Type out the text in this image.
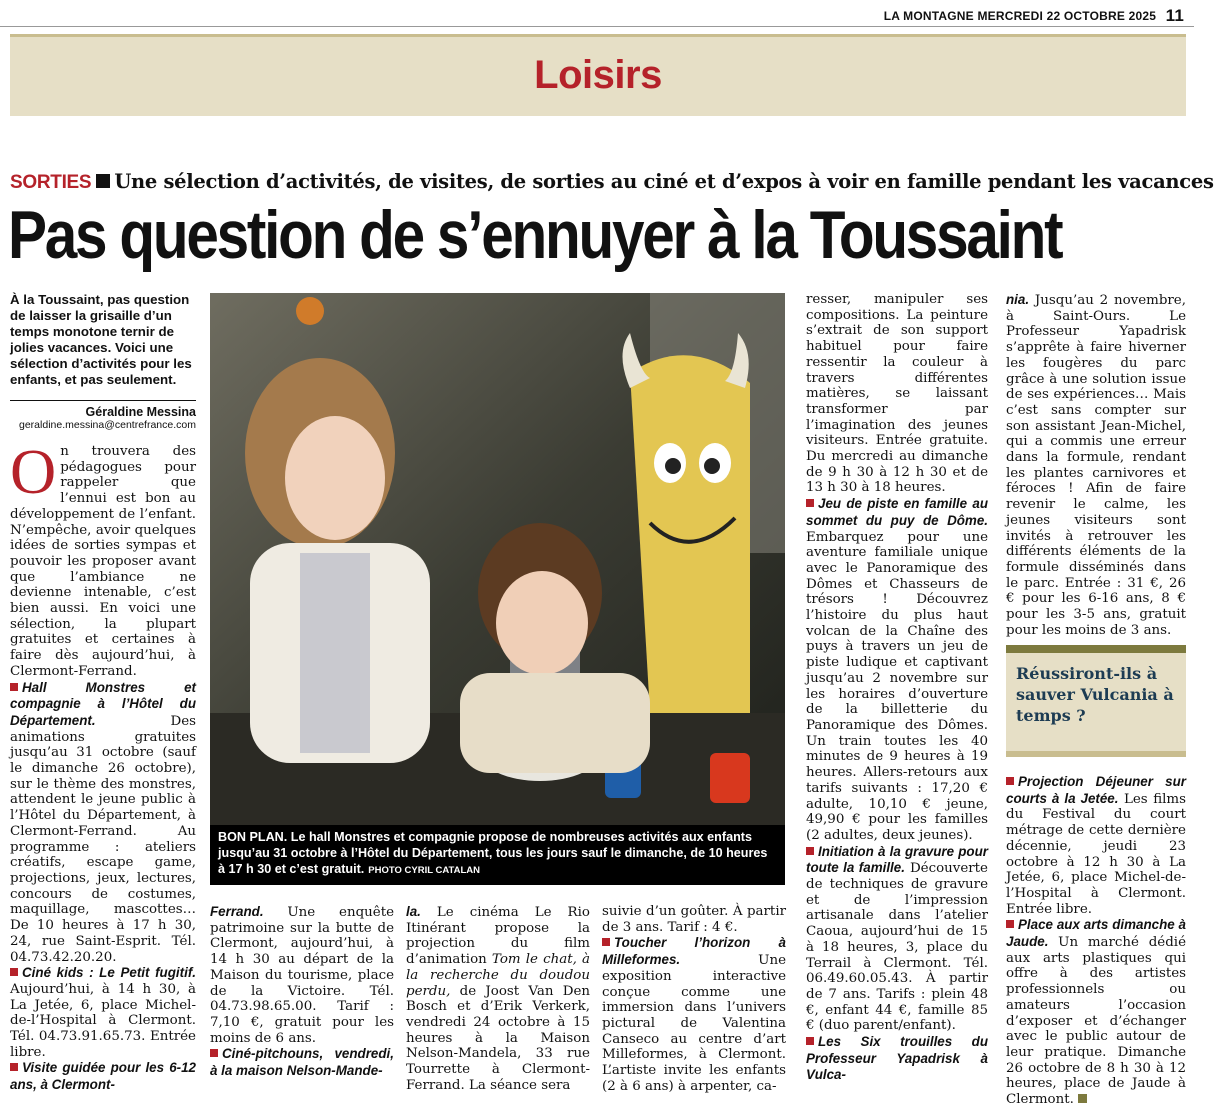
LA MONTAGNE MERCREDI 22 OCTOBRE 2025 11
Loisirs
SORTIES Une sélection d’activités, de visites, de sorties au ciné et d’expos à voir en famille pendant les vacances
Pas question de s’ennuyer à la Toussaint
À la Toussaint, pas question de laisser la grisaille d’un temps monotone ternir de jolies vacances. Voici une sélection d’activités pour les enfants, et pas seulement.
Géraldine Messina
geraldine.messina@centrefrance.com

On trouvera des pédagogues pour rappeler que l’ennui est bon au développement de l’enfant. N’empêche, avoir quelques idées de sorties sympas et pouvoir les proposer avant que l’ambiance ne devienne intenable, c’est bien aussi. En voici une sélection, la plupart gratuites et certaines à faire dès aujourd’hui, à Clermont-Ferrand.

Hall Monstres et compagnie à l’Hôtel du Département. Des animations gratuites jusqu’au 31 octobre (sauf le dimanche 26 octobre), sur le thème des monstres, attendent le jeune public à l’Hôtel du Département, à Clermont-Ferrand. Au programme : ateliers créatifs, escape game, projections, jeux, lectures, concours de costumes, maquillage, mascottes… De 10 heures à 17 h 30, 24, rue Saint-Esprit. Tél. 04.73.42.20.20.

Ciné kids : Le Petit fugitif. Aujourd’hui, à 14 h 30, à La Jetée, 6, place Michel-de-l’Hospital à Clermont. Tél. 04.73.91.65.73. Entrée libre.

Visite guidée pour les 6-12 ans, à Clermont-

BON PLAN. Le hall Monstres et compagnie propose de nombreuses activités aux enfants jusqu’au 31 octobre à l’Hôtel du Département, tous les jours sauf le dimanche, de 10 heures à 17 h 30 et c’est gratuit. PHOTO CYRIL CATALAN

Ferrand. Une enquête patrimoine sur la butte de Clermont, aujourd’hui, à 14 h 30 au départ de la Maison du tourisme, place de la Victoire. Tél. 04.73.98.65.00. Tarif : 7,10 €, gratuit pour les moins de 6 ans.

Ciné-pitchouns, vendredi, à la maison Nelson-Mande-

la. Le cinéma Le Rio Itinérant propose la projection du film d’animation Tom le chat, à la recherche du doudou perdu, de Joost Van Den Bosch et d’Erik Verkerk, vendredi 24 octobre à 15 heures à la Maison Nelson-Mandela, 33 rue Tourrette à Clermont-Ferrand. La séance sera

suivie d’un goûter. À partir de 3 ans. Tarif : 4 €.

Toucher l’horizon à Milleformes. Une exposition interactive conçue comme une immersion dans l’univers pictural de Valentina Canseco au centre d’art Milleformes, à Clermont. L’artiste invite les enfants (2 à 6 ans) à arpenter, ca-

resser, manipuler ses compositions. La peinture s’extrait de son support habituel pour faire ressentir la couleur à travers différentes matières, se laissant transformer par l’imagination des jeunes visiteurs. Entrée gratuite. Du mercredi au dimanche de 9 h 30 à 12 h 30 et de 13 h 30 à 18 heures.

Jeu de piste en famille au sommet du puy de Dôme. Embarquez pour une aventure familiale unique avec le Panoramique des Dômes et Chasseurs de trésors ! Découvrez l’histoire du plus haut volcan de la Chaîne des puys à travers un jeu de piste ludique et captivant jusqu’au 2 novembre sur les horaires d’ouverture de la billetterie du Panoramique des Dômes. Un train toutes les 40 minutes de 9 heures à 19 heures. Allers-retours aux tarifs suivants : 17,20 € adulte, 10,10 € jeune, 49,90 € pour les familles (2 adultes, deux jeunes).

Initiation à la gravure pour toute la famille. Découverte de techniques de gravure et de l’impression artisanale dans l’atelier Caoua, aujourd’hui de 15 à 18 heures, 3, place du Terrail à Clermont. Tél. 06.49.60.05.43. À partir de 7 ans. Tarifs : plein 48 €, enfant 44 €, famille 85 € (duo parent/enfant).

Les Six trouilles du Professeur Yapadrisk à Vulca-

nia. Jusqu’au 2 novembre, à Saint-Ours. Le Professeur Yapadrisk s’apprête à faire hiverner les fougères du parc grâce à une solution issue de ses expériences… Mais c’est sans compter sur son assistant Jean-Michel, qui a commis une erreur dans la formule, rendant les plantes carnivores et féroces ! Afin de faire revenir le calme, les jeunes visiteurs sont invités à retrouver les différents éléments de la formule disséminés dans le parc. Entrée : 31 €, 26 € pour les 6-16 ans, 8 € pour les 3-5 ans, gratuit pour les moins de 3 ans.

Réussiront-ils à sauver Vulcania à temps ?

Projection Déjeuner sur courts à la Jetée. Les films du Festival du court métrage de cette dernière décennie, jeudi 23 octobre à 12 h 30 à La Jetée, 6, place Michel-de-l’Hospital à Clermont. Entrée libre.

Place aux arts dimanche à Jaude. Un marché dédié aux arts plastiques qui offre à des artistes professionnels ou amateurs l’occasion d’exposer et d’échanger avec le public autour de leur pratique. Dimanche 26 octobre de 8 h 30 à 12 heures, place de Jaude à Clermont.
